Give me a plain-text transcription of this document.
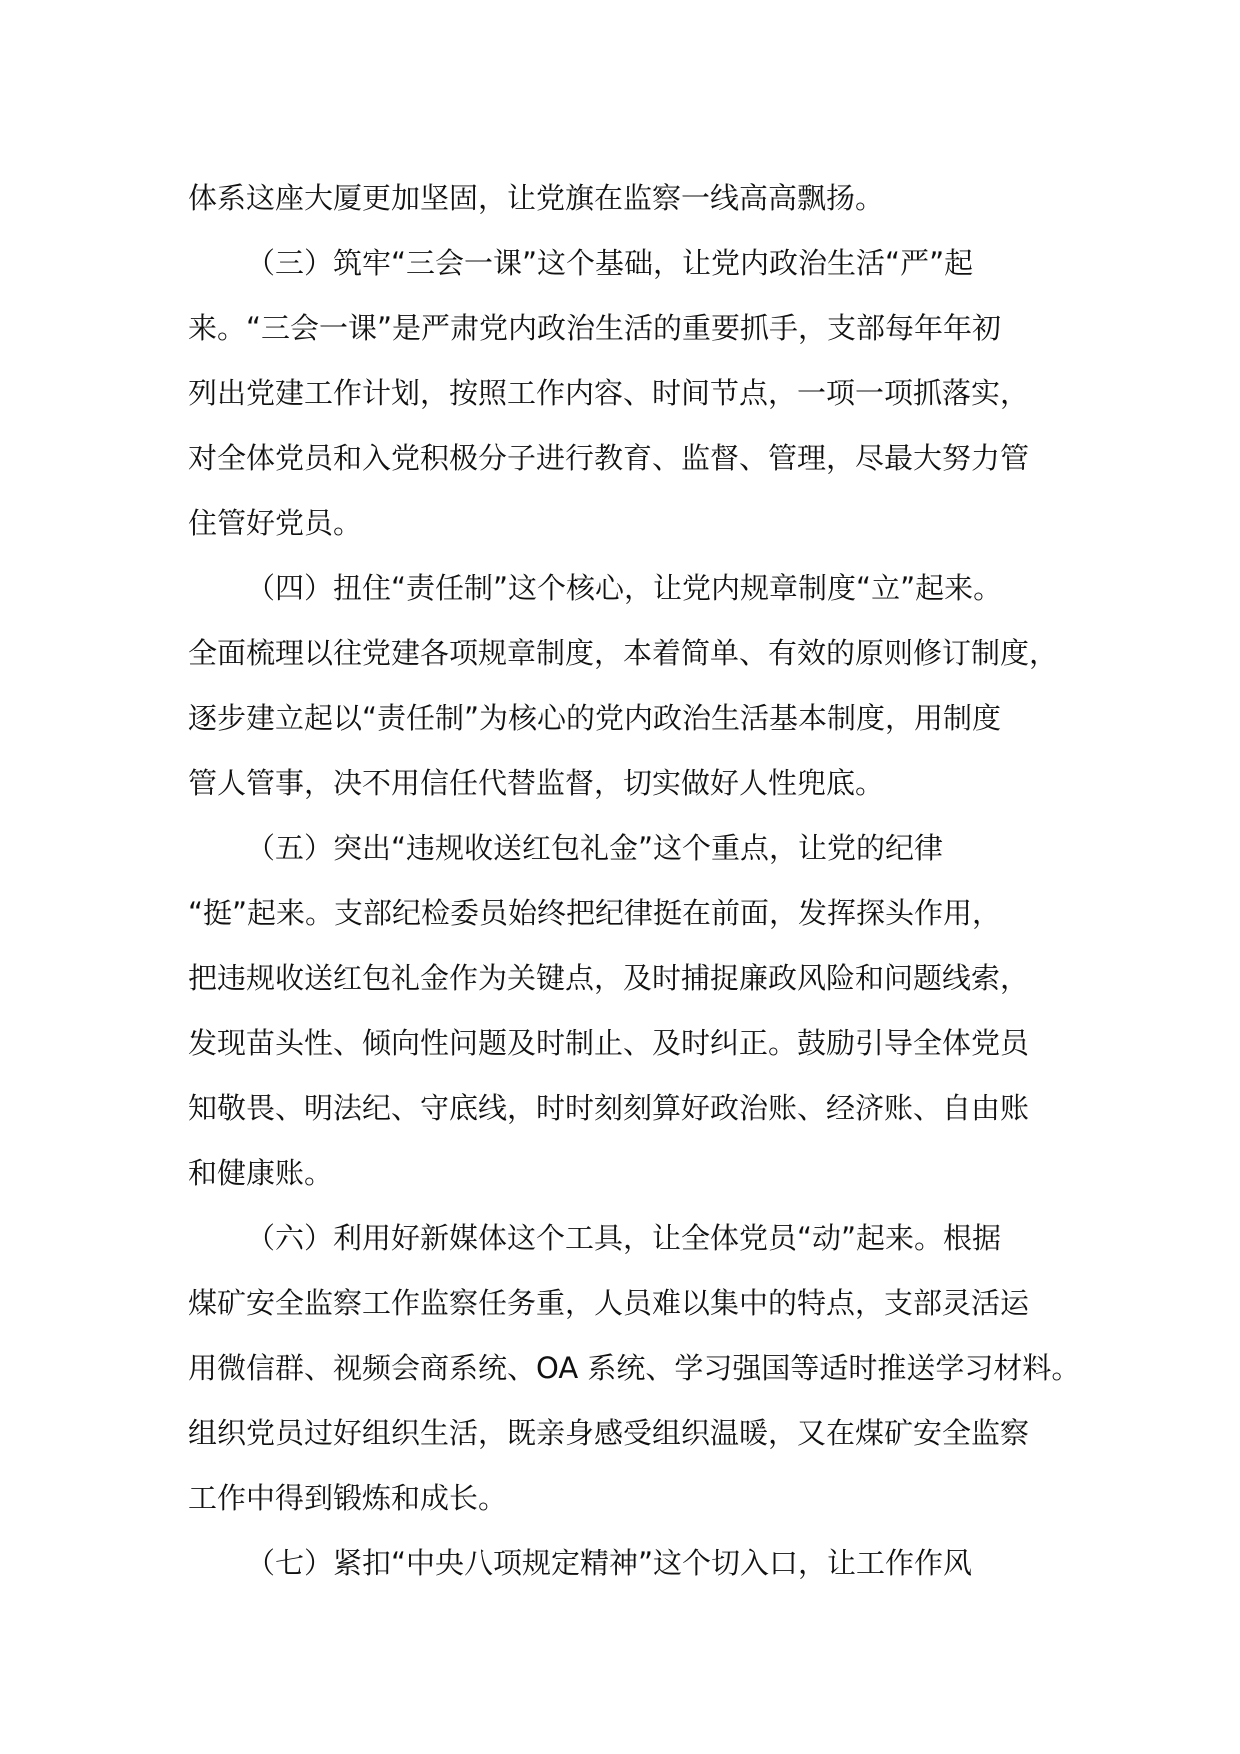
体系这座大厦更加坚固，让党旗在监察一线高高飘扬。
（三）筑牢“三会一课”这个基础，让党内政治生活“严”起
来。“三会一课”是严肃党内政治生活的重要抓手，支部每年年初
列出党建工作计划，按照工作内容、时间节点，一项一项抓落实，
对全体党员和入党积极分子进行教育、监督、管理，尽最大努力管
住管好党员。
（四）扭住“责任制”这个核心，让党内规章制度“立”起来。
全面梳理以往党建各项规章制度，本着简单、有效的原则修订制度，
逐步建立起以“责任制”为核心的党内政治生活基本制度，用制度
管人管事，决不用信任代替监督，切实做好人性兜底。
（五）突出“违规收送红包礼金”这个重点，让党的纪律
“挺”起来。支部纪检委员始终把纪律挺在前面，发挥探头作用，
把违规收送红包礼金作为关键点，及时捕捉廉政风险和问题线索，
发现苗头性、倾向性问题及时制止、及时纠正。鼓励引导全体党员
知敬畏、明法纪、守底线，时时刻刻算好政治账、经济账、自由账
和健康账。
（六）利用好新媒体这个工具，让全体党员“动”起来。根据
煤矿安全监察工作监察任务重，人员难以集中的特点，支部灵活运
用微信群、视频会商系统、OA 系统、学习强国等适时推送学习材料。
组织党员过好组织生活，既亲身感受组织温暖，又在煤矿安全监察
工作中得到锻炼和成长。
（七）紧扣“中央八项规定精神”这个切入口，让工作作风
